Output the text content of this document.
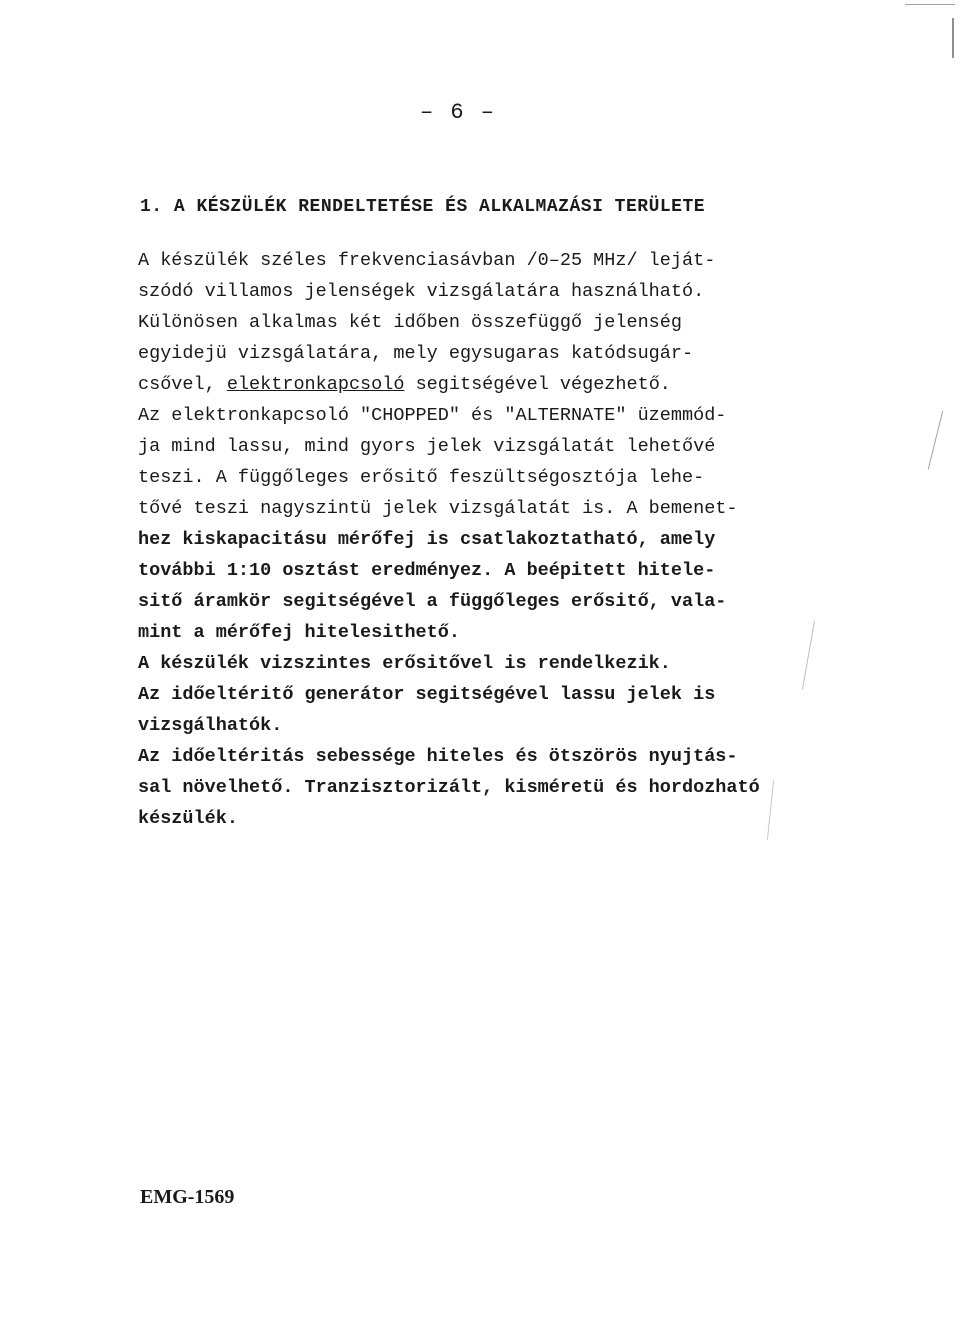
– 6 –
1. A KÉSZÜLÉK RENDELTETÉSE ÉS ALKALMAZÁSI TERÜLETE
A készülék széles frekvenciasávban /0–25 MHz/ leját-
szódó villamos jelenségek vizsgálatára használható.
Különösen alkalmas két időben összefüggő jelenség
egyidejü vizsgálatára, mely egysugaras katódsugár-
csővel, elektronkapcsoló segitségével végezhető.
Az elektronkapcsoló "CHOPPED" és "ALTERNATE" üzemmód-
ja mind lassu, mind gyors jelek vizsgálatát lehetővé
teszi. A függőleges erősitő feszültségosztója lehe-
tővé teszi nagyszintü jelek vizsgálatát is. A bemenet-
hez kiskapacitásu mérőfej is csatlakoztatható, amely
további 1:10 osztást eredményez. A beépitett hitele-
sitő áramkör segitségével a függőleges erősitő, vala-
mint a mérőfej hitelesithető.
A készülék vizszintes erősitővel is rendelkezik.
Az időeltéritő generátor segitségével lassu jelek is
vizsgálhatók.
Az időeltéritás sebessége hiteles és ötszörös nyujtás-
sal növelhető. Tranzisztorizált, kisméretü és hordozható
készülék.
EMG-1569
